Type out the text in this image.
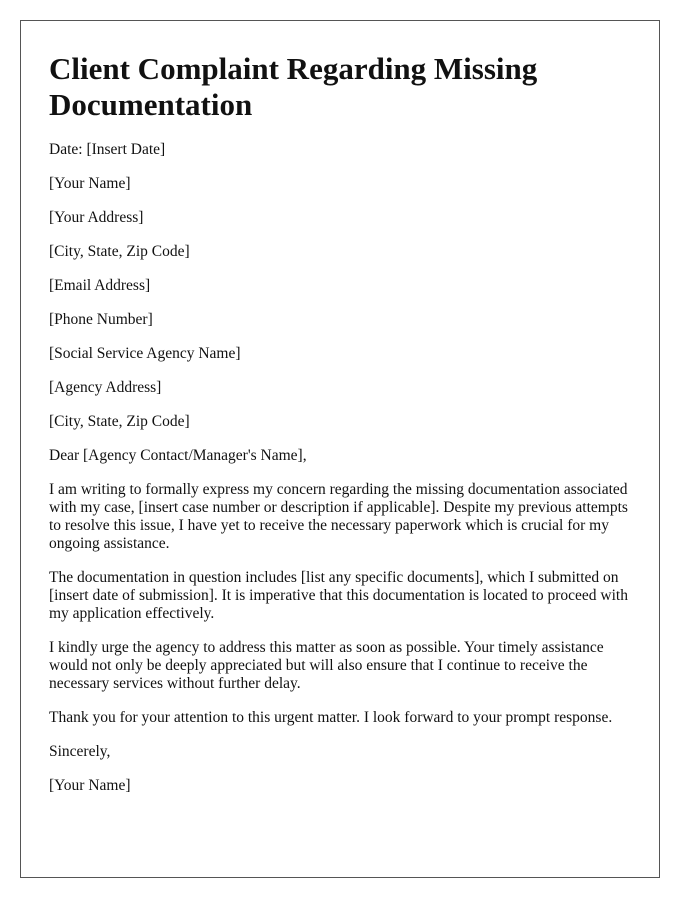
Client Complaint Regarding Missing Documentation
Date: [Insert Date]
[Your Name]
[Your Address]
[City, State, Zip Code]
[Email Address]
[Phone Number]
[Social Service Agency Name]
[Agency Address]
[City, State, Zip Code]
Dear [Agency Contact/Manager's Name],

I am writing to formally express my concern regarding the missing documentation associated with my case, [insert case number or description if applicable]. Despite my previous attempts to resolve this issue, I have yet to receive the necessary paperwork which is crucial for my ongoing assistance.

The documentation in question includes [list any specific documents], which I submitted on [insert date of submission]. It is imperative that this documentation is located to proceed with my application effectively.

I kindly urge the agency to address this matter as soon as possible. Your timely assistance would not only be deeply appreciated but will also ensure that I continue to receive the necessary services without further delay.

Thank you for your attention to this urgent matter. I look forward to your prompt response.

Sincerely,
[Your Name]
